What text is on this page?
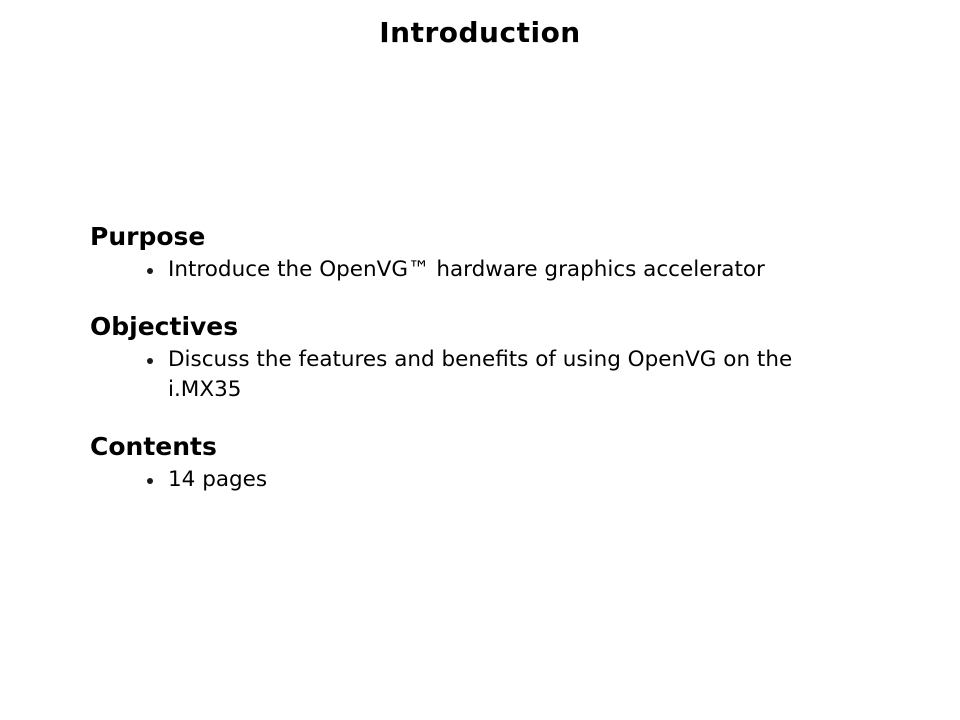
Introduction
Purpose
Introduce the OpenVG™ hardware graphics accelerator
Objectives
Discuss the features and benefits of using OpenVG on the i.MX35
Contents
14 pages
